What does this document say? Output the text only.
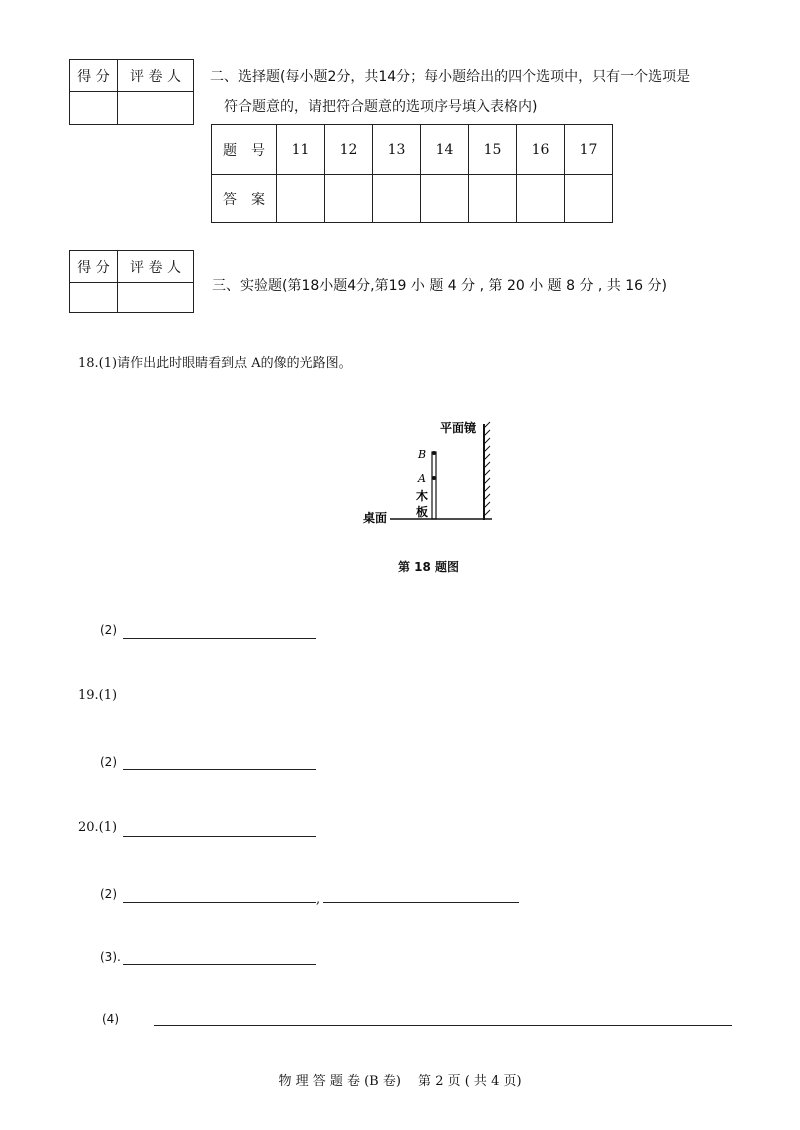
得 分	评 卷 人
	二、选择题(每小题2分，共14分；每小题给出的四个选项中，只有一个选项是
符合题意的，请把符合题意的选项序号填入表格内)
题　号	11	12	13	14	15	16	17
答　案							
得 分	评 卷 人

三、实验题(第18小题4分,第19 小 题 4 分 , 第 20 小 题 8 分 , 共 16 分)
18.(1)请作出此时眼睛看到点 A的像的光路图。
平面镜
B
A
木
板
桌面
第 18 题图
(2)
19.(1)
(2)
20.(1)
(2)	,
(3).
(4)
物 理 答 题 卷 (B 卷)　 第 2 页 ( 共 4 页)
